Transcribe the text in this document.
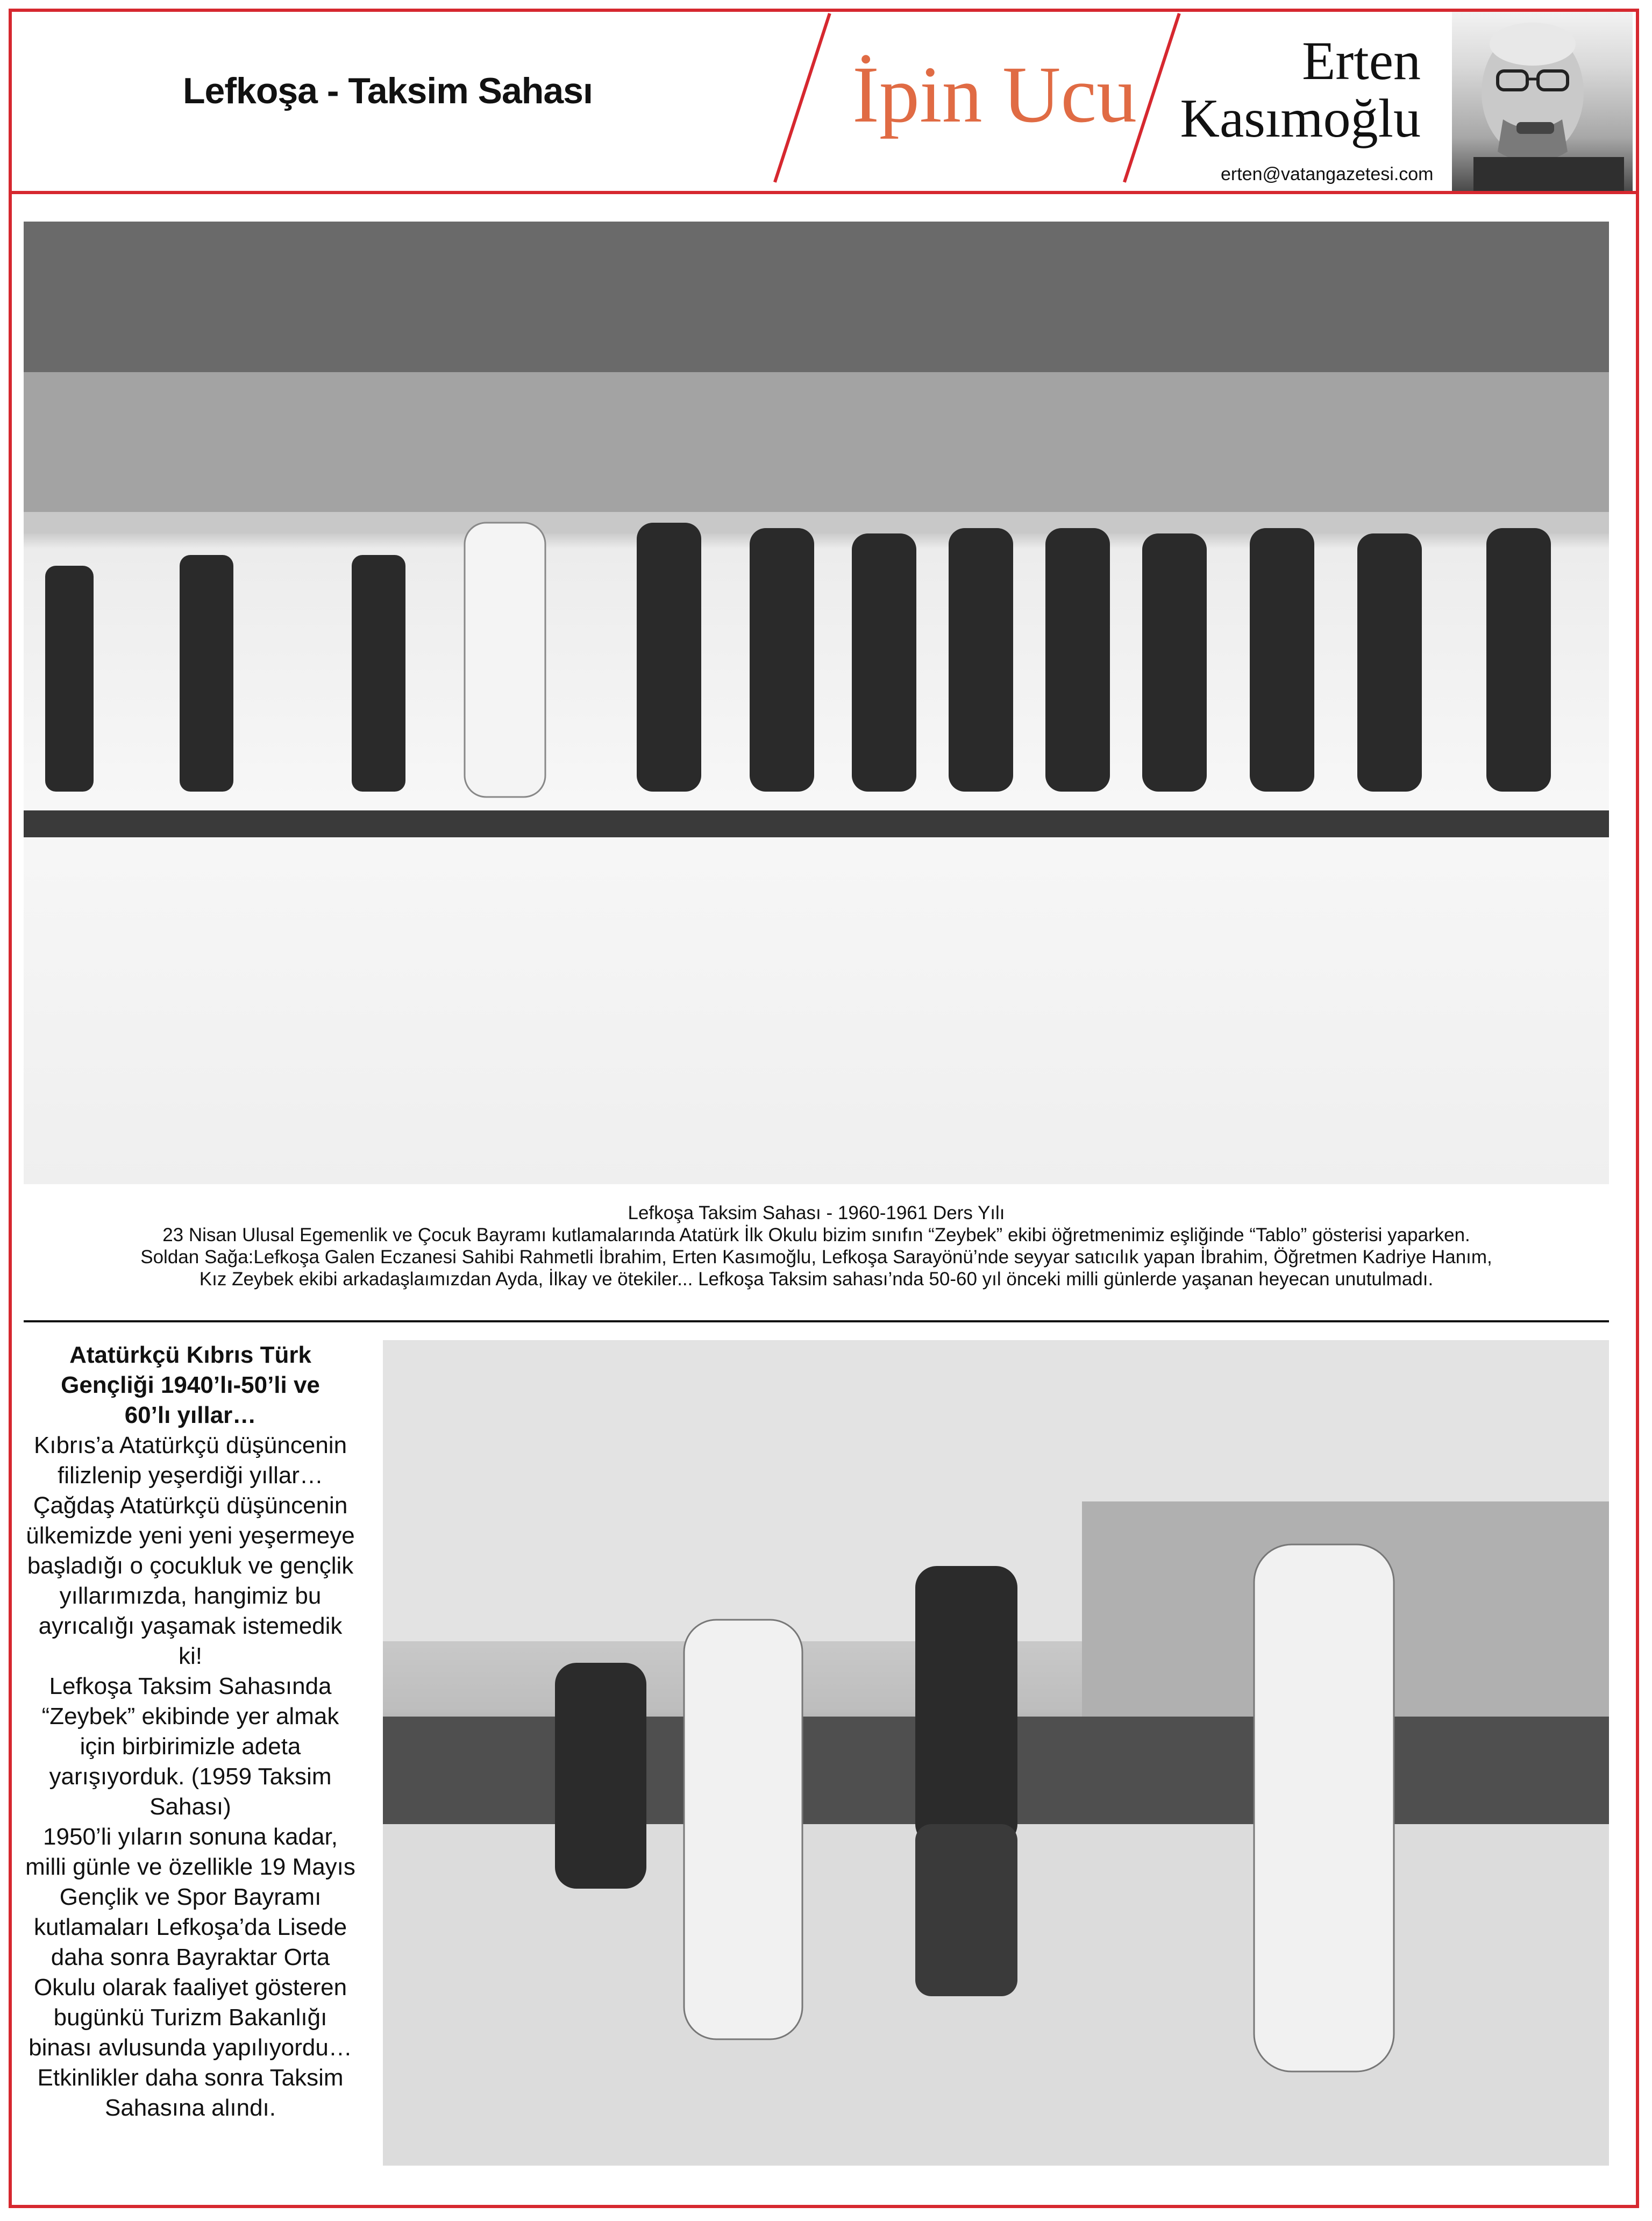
Lefkoşa - Taksim Sahası	İpin Ucu	Erten
Kasımoğlu
erten@vatangazetesi.com
Lefkoşa Taksim Sahası - 1960-1961 Ders Yılı
23 Nisan Ulusal Egemenlik ve Çocuk Bayramı kutlamalarında Atatürk İlk Okulu bizim sınıfın “Zeybek” ekibi öğretmenimiz eşliğinde “Tablo” gösterisi yaparken.
Soldan Sağa:Lefkoşa Galen Eczanesi Sahibi Rahmetli İbrahim, Erten Kasımoğlu, Lefkoşa Sarayönü’nde seyyar satıcılık yapan İbrahim, Öğretmen Kadriye Hanım,
Kız Zeybek ekibi arkadaşlaımızdan Ayda, İlkay ve ötekiler... Lefkoşa Taksim sahası’nda 50-60 yıl önceki milli günlerde yaşanan heyecan unutulmadı.

Atatürkçü Kıbrıs Türk

Gençliği 1940’lı-50’li ve

60’lı yıllar…

Kıbrıs’a Atatürkçü düşüncenin

filizlenip yeşerdiği yıllar…

Çağdaş Atatürkçü düşüncenin

ülkemizde yeni yeni yeşermeye

başladığı o çocukluk ve gençlik

yıllarımızda, hangimiz bu

ayrıcalığı yaşamak istemedik ki!

Lefkoşa Taksim Sahasında

“Zeybek” ekibinde yer almak

için birbirimizle adeta

yarışıyorduk. (1959 Taksim

Sahası)

1950’li yıların sonuna kadar,

milli günle ve özellikle 19 Mayıs

Gençlik ve Spor Bayramı

kutlamaları Lefkoşa’da Lisede

daha sonra Bayraktar Orta

Okulu olarak faaliyet gösteren

bugünkü Turizm Bakanlığı

binası avlusunda yapılıyordu…

Etkinlikler daha sonra Taksim

Sahasına alındı.
